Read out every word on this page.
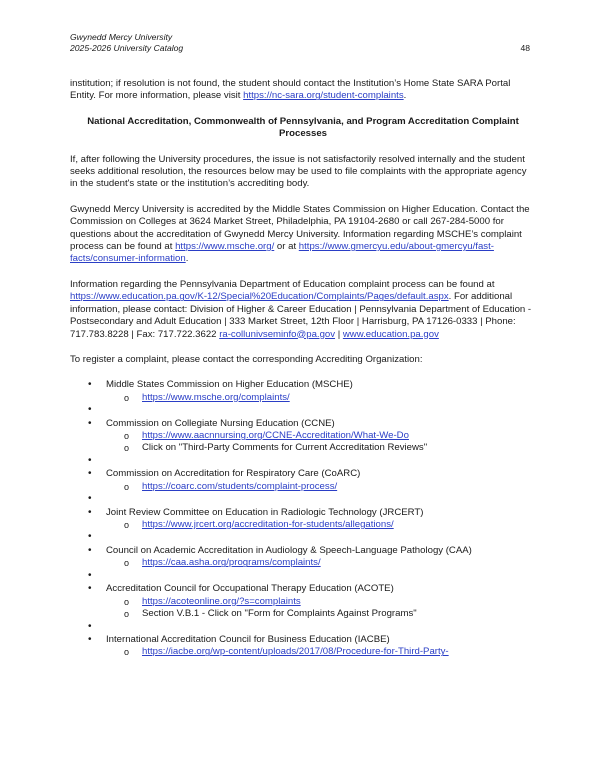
Gwynedd Mercy University
2025-2026 University Catalog	48

institution; if resolution is not found, the student should contact the Institution’s Home State SARA Portal Entity. For more information, please visit https://nc-sara.org/student-complaints.

National Accreditation, Commonwealth of Pennsylvania, and Program Accreditation Complaint Processes

If, after following the University procedures, the issue is not satisfactorily resolved internally and the student seeks additional resolution, the resources below may be used to file complaints with the appropriate agency in the student's state or the institution’s accrediting body.

Gwynedd Mercy University is accredited by the Middle States Commission on Higher Education. Contact the Commission on Colleges at 3624 Market Street, Philadelphia, PA 19104-2680 or call 267-284-5000 for questions about the accreditation of Gwynedd Mercy University. Information regarding MSCHE’s complaint process can be found at https://www.msche.org/ or at https://www.gmercyu.edu/about-gmercyu/fast-facts/consumer-information.

Information regarding the Pennsylvania Department of Education complaint process can be found at https://www.education.pa.gov/K-12/Special%20Education/Complaints/Pages/default.aspx. For additional information, please contact: Division of Higher & Career Education | Pennsylvania Department of Education - Postsecondary and Adult Education | 333 Market Street, 12th Floor | Harrisburg, PA 17126-0333 | Phone: 717.783.8228 | Fax: 717.722.3622 ra-collunivseminfo@pa.gov | www.education.pa.gov

To register a complaint, please contact the corresponding Accrediting Organization:

• Middle States Commission on Higher Education (MSCHE)
o https://www.msche.org/complaints/
•
• Commission on Collegiate Nursing Education (CCNE)
o https://www.aacnnursing.org/CCNE-Accreditation/What-We-Do
o Click on "Third-Party Comments for Current Accreditation Reviews"
•
• Commission on Accreditation for Respiratory Care (CoARC)
o https://coarc.com/students/complaint-process/
•
• Joint Review Committee on Education in Radiologic Technology (JRCERT)
o https://www.jrcert.org/accreditation-for-students/allegations/
•
• Council on Academic Accreditation in Audiology & Speech-Language Pathology (CAA)
o https://caa.asha.org/programs/complaints/
•
• Accreditation Council for Occupational Therapy Education (ACOTE)
o https://acoteonline.org/?s=complaints
o Section V.B.1 - Click on "Form for Complaints Against Programs"
•
• International Accreditation Council for Business Education (IACBE)
o https://iacbe.org/wp-content/uploads/2017/08/Procedure-for-Third-Party-
